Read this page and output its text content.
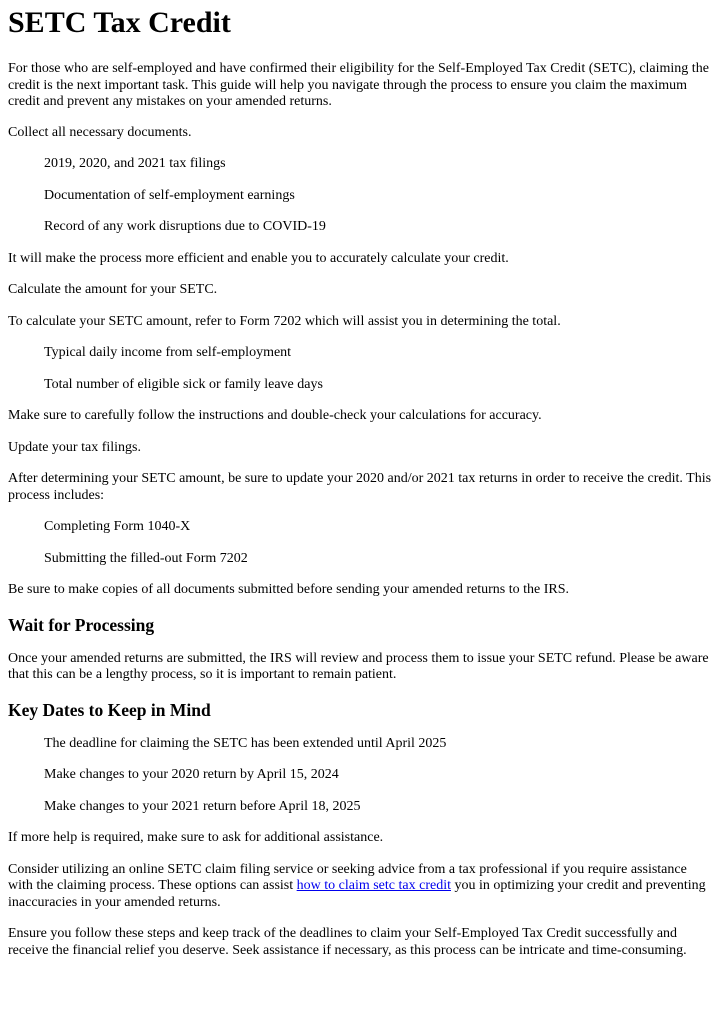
SETC Tax Credit

For those who are self-employed and have confirmed their eligibility for the Self-Employed Tax Credit (SETC), claiming the credit is the next important task. This guide will help you navigate through the process to ensure you claim the maximum credit and prevent any mistakes on your amended returns.

Collect all necessary documents.

2019, 2020, and 2021 tax filings

Documentation of self-employment earnings

Record of any work disruptions due to COVID-19

It will make the process more efficient and enable you to accurately calculate your credit.

Calculate the amount for your SETC.

To calculate your SETC amount, refer to Form 7202 which will assist you in determining the total.

Typical daily income from self-employment

Total number of eligible sick or family leave days

Make sure to carefully follow the instructions and double-check your calculations for accuracy.

Update your tax filings.

After determining your SETC amount, be sure to update your 2020 and/or 2021 tax returns in order to receive the credit. This process includes:

Completing Form 1040-X

Submitting the filled-out Form 7202

Be sure to make copies of all documents submitted before sending your amended returns to the IRS.

Wait for Processing

Once your amended returns are submitted, the IRS will review and process them to issue your SETC refund. Please be aware that this can be a lengthy process, so it is important to remain patient.

Key Dates to Keep in Mind

The deadline for claiming the SETC has been extended until April 2025

Make changes to your 2020 return by April 15, 2024

Make changes to your 2021 return before April 18, 2025

If more help is required, make sure to ask for additional assistance.

Consider utilizing an online SETC claim filing service or seeking advice from a tax professional if you require assistance with the claiming process. These options can assist how to claim setc tax credit you in optimizing your credit and preventing inaccuracies in your amended returns.

Ensure you follow these steps and keep track of the deadlines to claim your Self-Employed Tax Credit successfully and receive the financial relief you deserve. Seek assistance if necessary, as this process can be intricate and time-consuming.
